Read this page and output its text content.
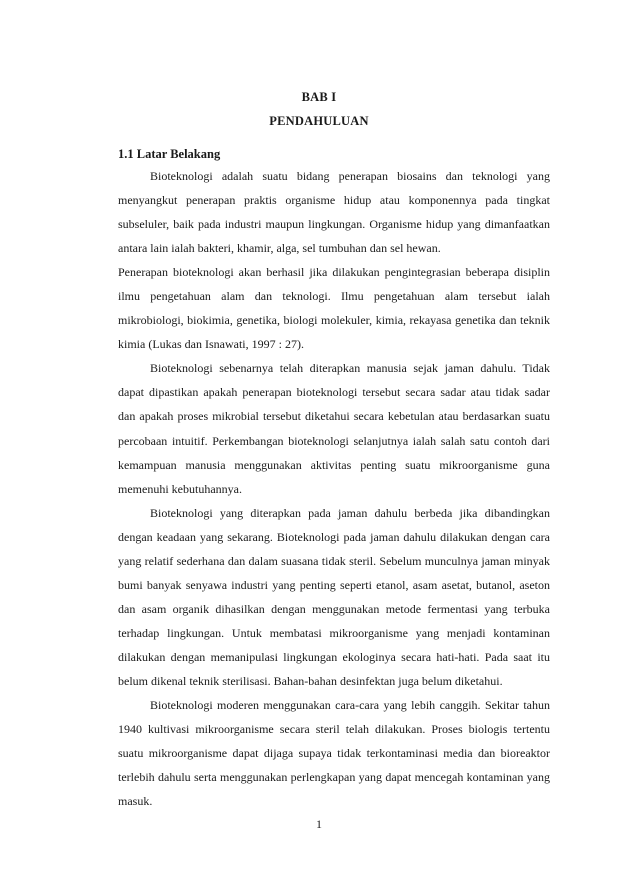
BAB I
PENDAHULUAN
1.1 Latar Belakang

Bioteknologi adalah suatu bidang penerapan biosains dan teknologi yang menyangkut penerapan praktis organisme hidup atau komponennya pada tingkat subseluler, baik pada industri maupun lingkungan. Organisme hidup yang dimanfaatkan antara lain ialah bakteri, khamir, alga, sel tumbuhan dan sel hewan.

Penerapan bioteknologi akan berhasil jika dilakukan pengintegrasian beberapa disiplin ilmu pengetahuan alam dan teknologi. Ilmu pengetahuan alam tersebut ialah mikrobiologi, biokimia, genetika, biologi molekuler, kimia, rekayasa genetika dan teknik kimia (Lukas dan Isnawati, 1997 : 27).

Bioteknologi sebenarnya telah diterapkan manusia sejak jaman dahulu. Tidak dapat dipastikan apakah penerapan bioteknologi tersebut secara sadar atau tidak sadar dan apakah proses mikrobial tersebut diketahui secara kebetulan atau berdasarkan suatu percobaan intuitif. Perkembangan bioteknologi selanjutnya ialah salah satu contoh dari kemampuan manusia menggunakan aktivitas penting suatu mikroorganisme guna memenuhi kebutuhannya.

Bioteknologi yang diterapkan pada jaman dahulu berbeda jika dibandingkan dengan keadaan yang sekarang. Bioteknologi pada jaman dahulu dilakukan dengan cara yang relatif sederhana dan dalam suasana tidak steril. Sebelum munculnya jaman minyak bumi banyak senyawa industri yang penting seperti etanol, asam asetat, butanol, aseton dan asam organik dihasilkan dengan menggunakan metode fermentasi yang terbuka terhadap lingkungan. Untuk membatasi mikroorganisme yang menjadi kontaminan dilakukan dengan memanipulasi lingkungan ekologinya secara hati-hati. Pada saat itu belum dikenal teknik sterilisasi. Bahan-bahan desinfektan juga belum diketahui.

Bioteknologi moderen menggunakan cara-cara yang lebih canggih. Sekitar tahun 1940 kultivasi mikroorganisme secara steril telah dilakukan. Proses biologis tertentu suatu mikroorganisme dapat dijaga supaya tidak terkontaminasi media dan bioreaktor terlebih dahulu serta menggunakan perlengkapan yang dapat mencegah kontaminan yang masuk.

1
